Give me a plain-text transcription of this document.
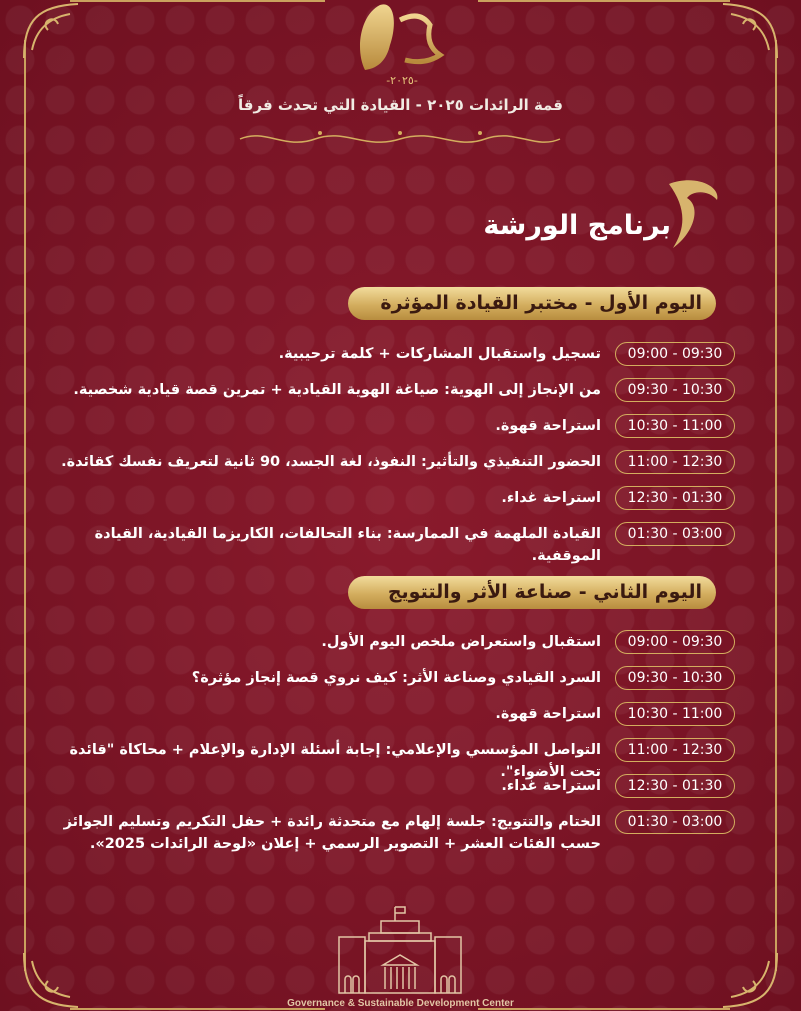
-٢٠٢٥-
قمة الرائدات ٢٠٢٥ - القيادة التي تحدث فرقاً
برنامج الورشة
اليوم الأول - مختبر القيادة المؤثرة
09:00 - 09:30
تسجيل واستقبال المشاركات + كلمة ترحيبية.
09:30 - 10:30
من الإنجاز إلى الهوية: صياغة الهوية القيادية + تمرين قصة قيادية شخصية.
10:30 - 11:00
استراحة قهوة.
11:00 - 12:30
الحضور التنفيذي والتأثير: النفوذ، لغة الجسد، 90 ثانية لتعريف نفسك كقائدة.
12:30 - 01:30
استراحة غداء.
01:30 - 03:00
القيادة الملهمة في الممارسة: بناء التحالفات، الكاريزما القيادية، القيادة الموقفية.
اليوم الثاني - صناعة الأثر والتتويج
09:00 - 09:30
استقبال واستعراض ملخص اليوم الأول.
09:30 - 10:30
السرد القيادي وصناعة الأثر: كيف نروي قصة إنجاز مؤثرة؟
10:30 - 11:00
استراحة قهوة.
11:00 - 12:30
التواصل المؤسسي والإعلامي: إجابة أسئلة الإدارة والإعلام + محاكاة "قائدة تحت الأضواء".
12:30 - 01:30
استراحة غداء.
01:30 - 03:00
الختام والتتويج: جلسة إلهام مع متحدثة رائدة + حفل التكريم وتسليم الجوائز حسب الفئات العشر + التصوير الرسمي + إعلان «لوحة الرائدات 2025».
Governance & Sustainable Development Center
